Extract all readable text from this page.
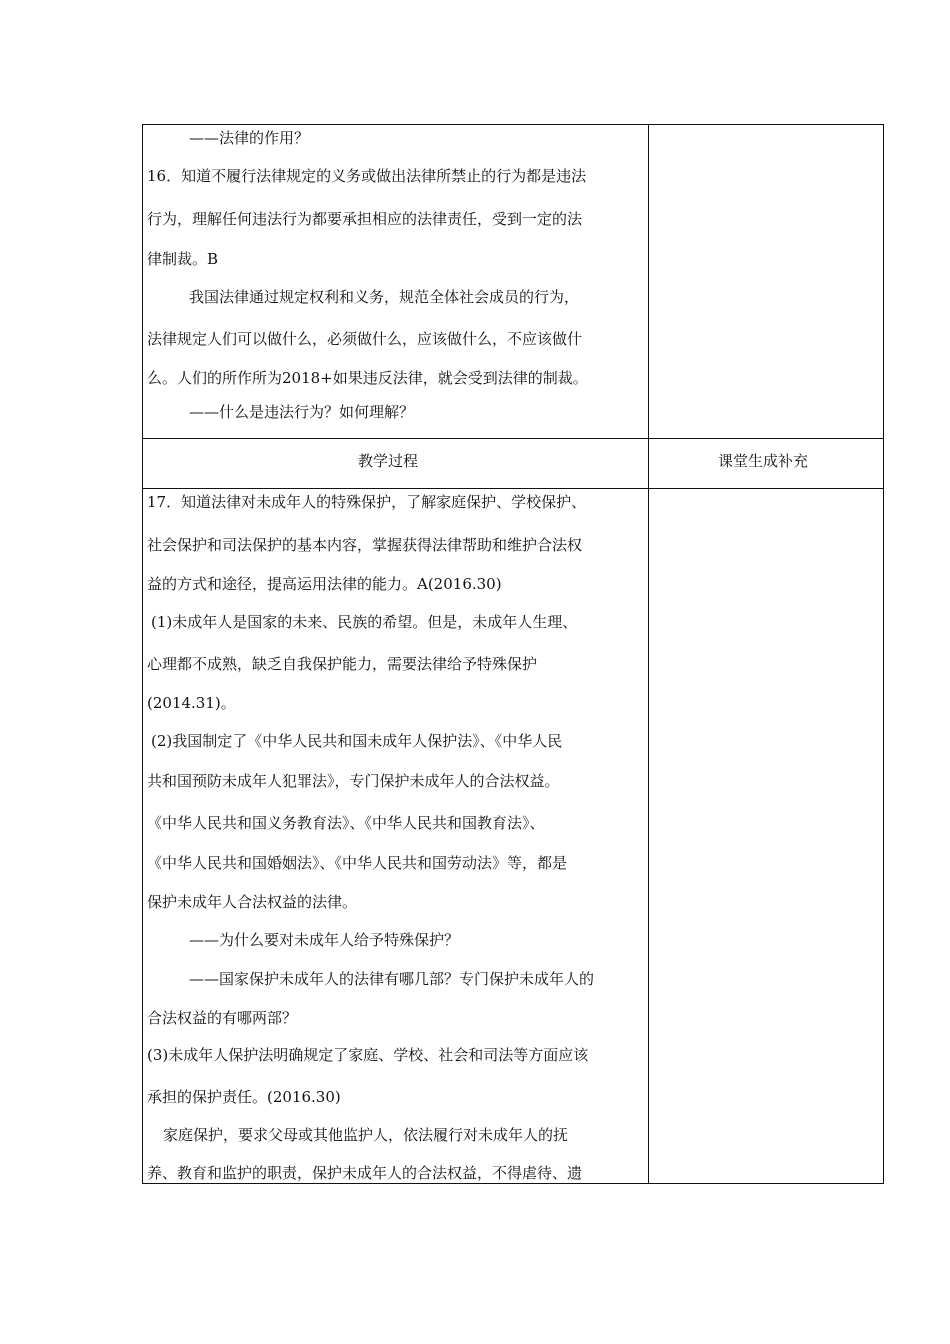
——法律的作用？
16．知道不履行法律规定的义务或做出法律所禁止的行为都是违法
行为，理解任何违法行为都要承担相应的法律责任，受到一定的法
律制裁。B
我国法律通过规定权利和义务，规范全体社会成员的行为，
法律规定人们可以做什么，必须做什么，应该做什么，不应该做什
么。人们的所作所为2018+如果违反法律，就会受到法律的制裁。
——什么是违法行为？如何理解？
教学过程	课堂生成补充
17．知道法律对未成年人的特殊保护，了解家庭保护、学校保护、
社会保护和司法保护的基本内容，掌握获得法律帮助和维护合法权
益的方式和途径，提高运用法律的能力。A(2016.30)
(1)未成年人是国家的未来、民族的希望。但是，未成年人生理、
心理都不成熟，缺乏自我保护能力，需要法律给予特殊保护
(2014.31)。
(2)我国制定了《中华人民共和国未成年人保护法》、《中华人民
共和国预防未成年人犯罪法》，专门保护未成年人的合法权益。
《中华人民共和国义务教育法》、《中华人民共和国教育法》、
《中华人民共和国婚姻法》、《中华人民共和国劳动法》等，都是
保护未成年人合法权益的法律。
——为什么要对未成年人给予特殊保护？
——国家保护未成年人的法律有哪几部？专门保护未成年人的
合法权益的有哪两部？
(3)未成年人保护法明确规定了家庭、学校、社会和司法等方面应该
承担的保护责任。(2016.30)
家庭保护，要求父母或其他监护人，依法履行对未成年人的抚
养、教育和监护的职责，保护未成年人的合法权益，不得虐待、遗
